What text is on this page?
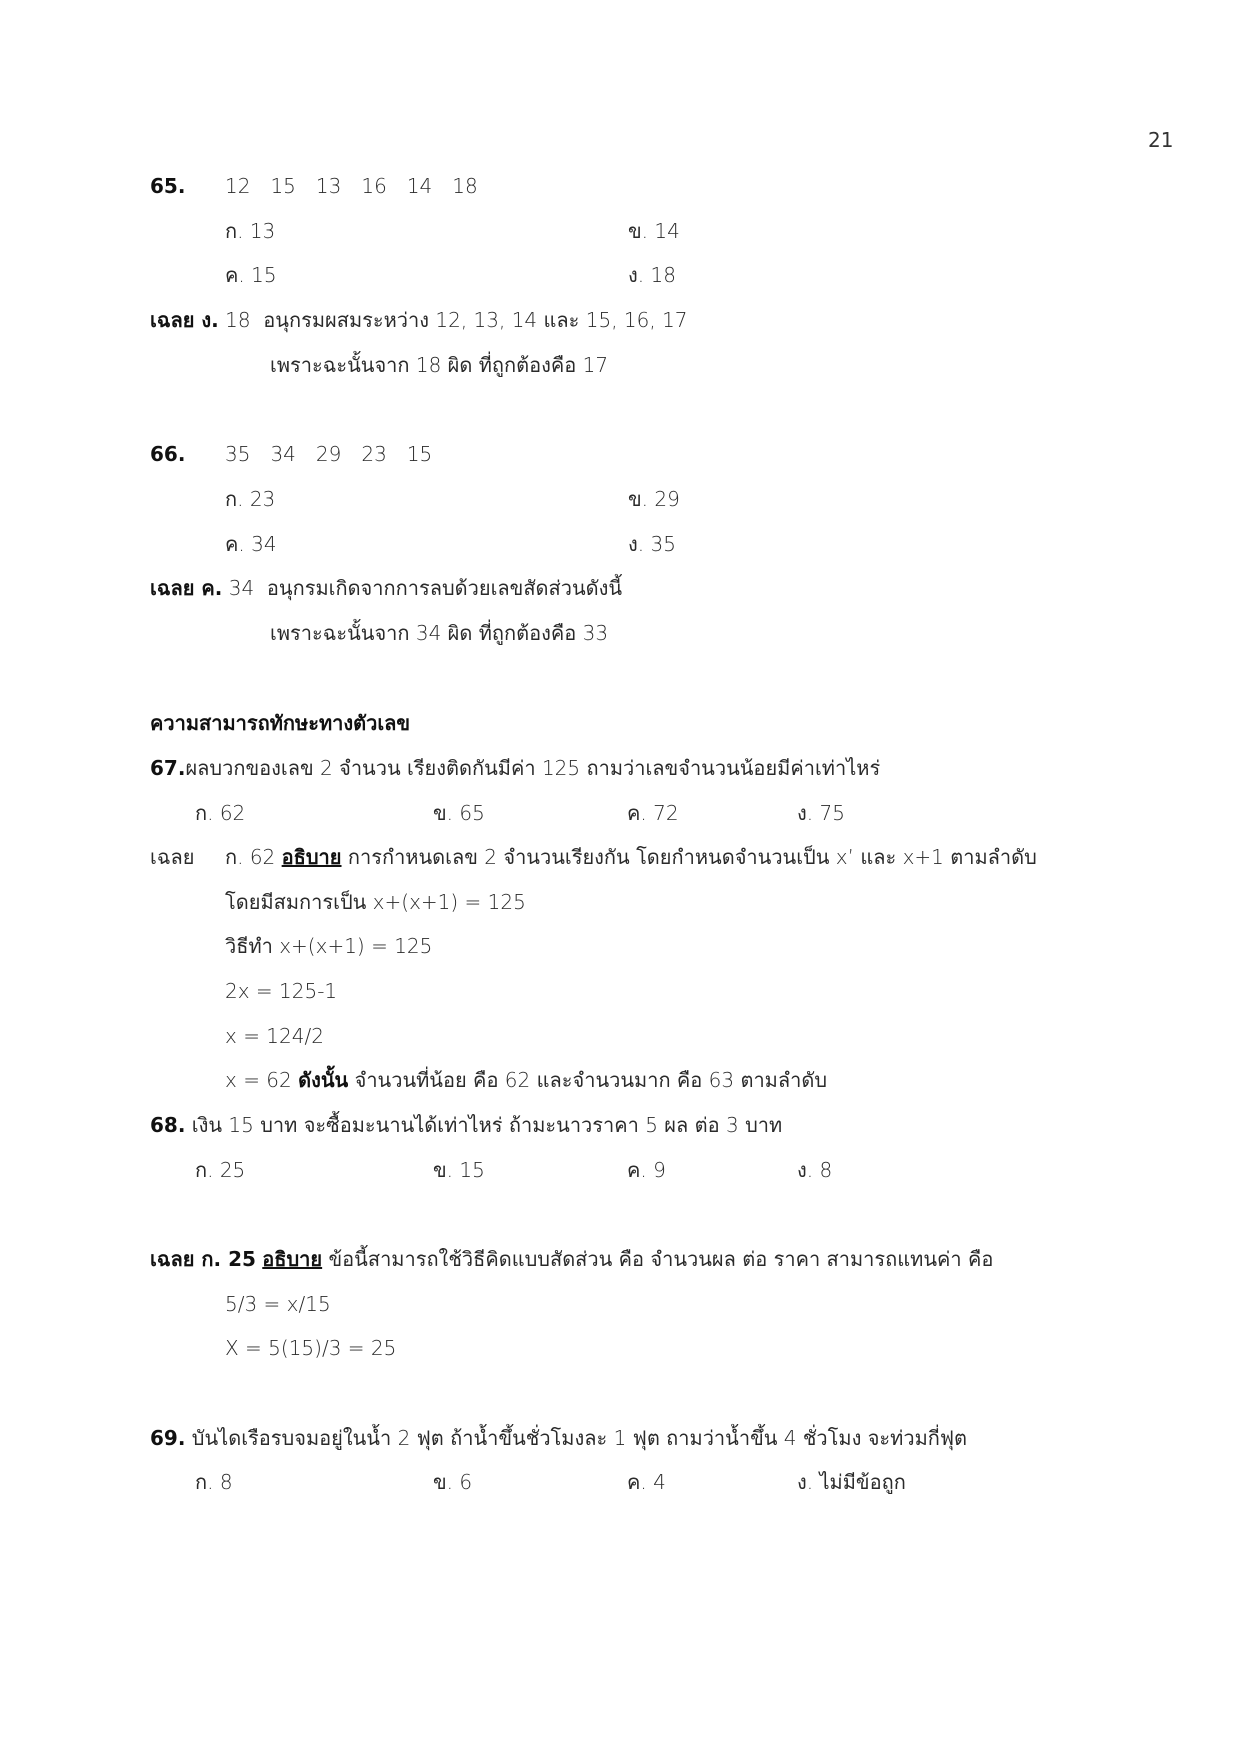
21
65. 12 15 13 16 14 18
ก. 13	ข. 14
ค. 15	ง. 18
เฉลย ง. 18 อนุกรมผสมระหว่าง 12, 13, 14 และ 15, 16, 17
เพราะฉะนั้นจาก 18 ผิด ที่ถูกต้องคือ 17
66. 35 34 29 23 15
ก. 23	ข. 29
ค. 34	ง. 35
เฉลย ค. 34 อนุกรมเกิดจากการลบด้วยเลขสัดส่วนดังนี้
เพราะฉะนั้นจาก 34 ผิด ที่ถูกต้องคือ 33
ความสามารถทักษะทางตัวเลข
67.ผลบวกของเลข 2 จำนวน เรียงติดกันมีค่า 125 ถามว่าเลขจำนวนน้อยมีค่าเท่าไหร่
ก. 62	ข. 65	ค. 72	ง. 75
เฉลย ก. 62 อธิบาย การกำหนดเลข 2 จำนวนเรียงกัน โดยกำหนดจำนวนเป็น x’ และ x+1 ตามลำดับ
โดยมีสมการเป็น x+(x+1) = 125
วิธีทำ x+(x+1) = 125
2x = 125-1
x = 124/2
x = 62 ดังนั้น จำนวนที่น้อย คือ 62 และจำนวนมาก คือ 63 ตามลำดับ
68. เงิน 15 บาท จะซื้อมะนานได้เท่าไหร่ ถ้ามะนาวราคา 5 ผล ต่อ 3 บาท
ก. 25	ข. 15	ค. 9	ง. 8
เฉลย ก. 25 อธิบาย ข้อนี้สามารถใช้วิธีคิดแบบสัดส่วน คือ จำนวนผล ต่อ ราคา สามารถแทนค่า คือ
5/3 = x/15
X = 5(15)/3 = 25
69. บันไดเรือรบจมอยู่ในน้ำ 2 ฟุต ถ้าน้ำขึ้นชั่วโมงละ 1 ฟุต ถามว่าน้ำขึ้น 4 ชั่วโมง จะท่วมกี่ฟุต
ก. 8	ข. 6	ค. 4	ง. ไม่มีข้อถูก
